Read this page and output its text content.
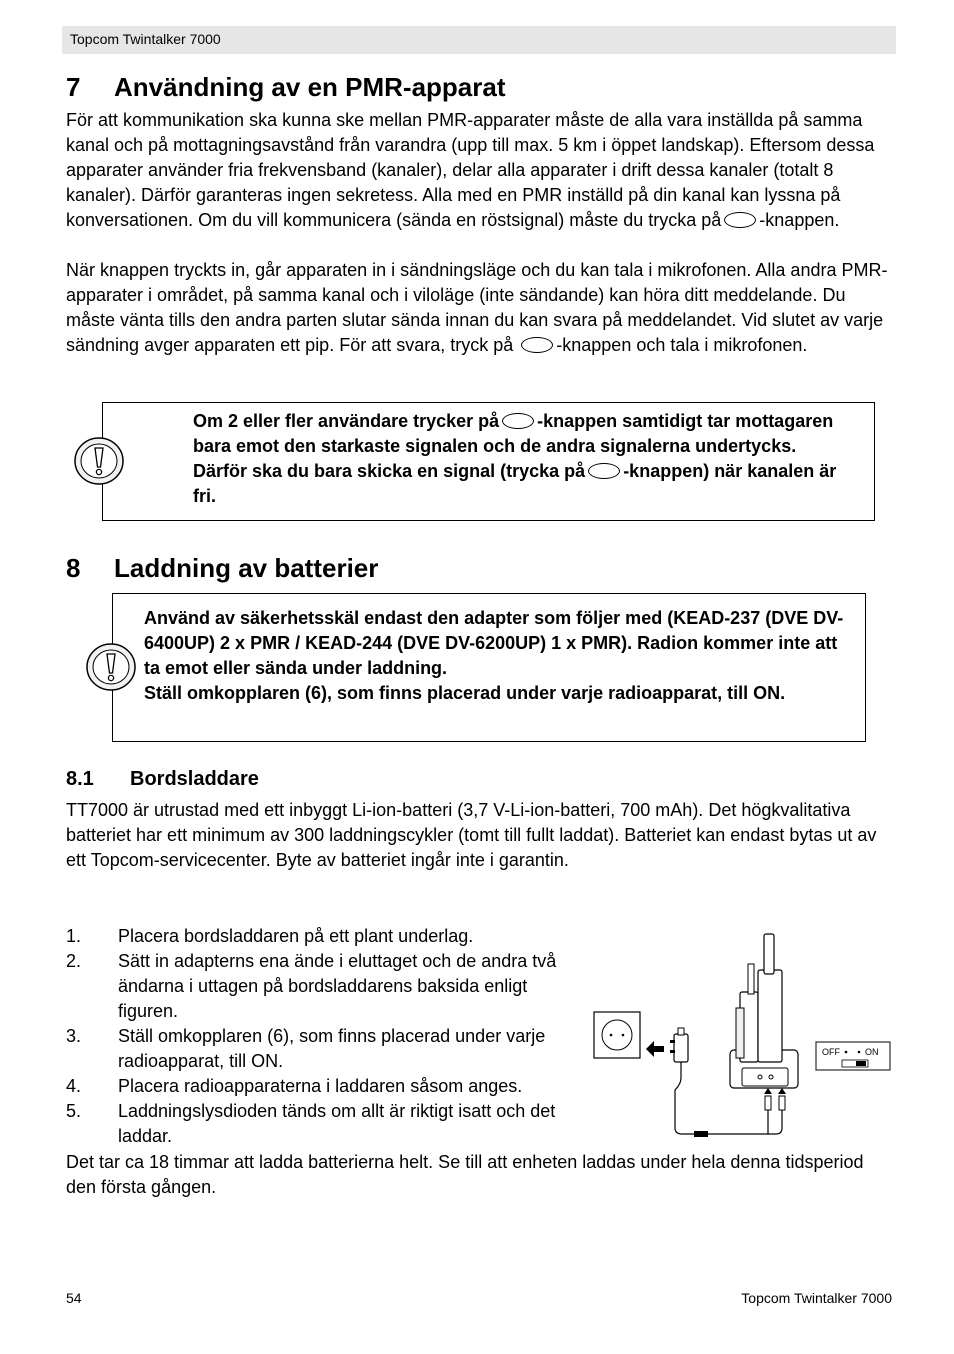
Topcom Twintalker 7000
7 Användning av en PMR-apparat

För att kommunikation ska kunna ske mellan PMR-apparater måste de alla vara inställda på samma kanal och på mottagningsavstånd från varandra (upp till max. 5 km i öppet landskap). Eftersom dessa apparater använder fria frekvensband (kanaler), delar alla apparater i drift dessa kanaler (totalt 8 kanaler). Därför garanteras ingen sekretess. Alla med en PMR inställd på din kanal kan lyssna på konversationen. Om du vill kommunicera (sända en röstsignal) måste du trycka på -knappen.

När knappen tryckts in, går apparaten in i sändningsläge och du kan tala i mikrofonen. Alla andra PMR-apparater i området, på samma kanal och i viloläge (inte sändande) kan höra ditt meddelande. Du måste vänta tills den andra parten slutar sända innan du kan svara på meddelandet. Vid slutet av varje sändning avger apparaten ett pip. För att svara, tryck på -knappen och tala i mikrofonen.

Om 2 eller fler användare trycker på -knappen samtidigt tar mottagaren bara emot den starkaste signalen och de andra signalerna undertycks. Därför ska du bara skicka en signal (trycka på -knappen) när kanalen är fri.

8 Laddning av batterier

Använd av säkerhetsskäl endast den adapter som följer med (KEAD-237 (DVE DV-6400UP) 2 x PMR / KEAD-244 (DVE DV-6200UP) 1 x PMR). Radion kommer inte att ta emot eller sända under laddning.
Ställ omkopplaren (6), som finns placerad under varje radioapparat, till ON.

8.1 Bordsladdare

TT7000 är utrustad med ett inbyggt Li-ion-batteri (3,7 V-Li-ion-batteri, 700 mAh). Det högkvalitativa batteriet har ett minimum av 300 laddningscykler (tomt till fullt laddat). Batteriet kan endast bytas ut av ett Topcom-servicecenter. Byte av batteriet ingår inte i garantin.

1. Placera bordsladdaren på ett plant underlag.
2. Sätt in adapterns ena ände i eluttaget och de andra två ändarna i uttagen på bordsladdarens baksida enligt figuren.
3. Ställ omkopplaren (6), som finns placerad under varje radioapparat, till ON.
4. Placera radioapparaterna i laddaren såsom anges.
5. Laddningslysdioden tänds om allt är riktigt isatt och det laddar.
OFF	ON

Det tar ca 18 timmar att ladda batterierna helt. Se till att enheten laddas under hela denna tidsperiod den första gången.

54	Topcom Twintalker 7000
